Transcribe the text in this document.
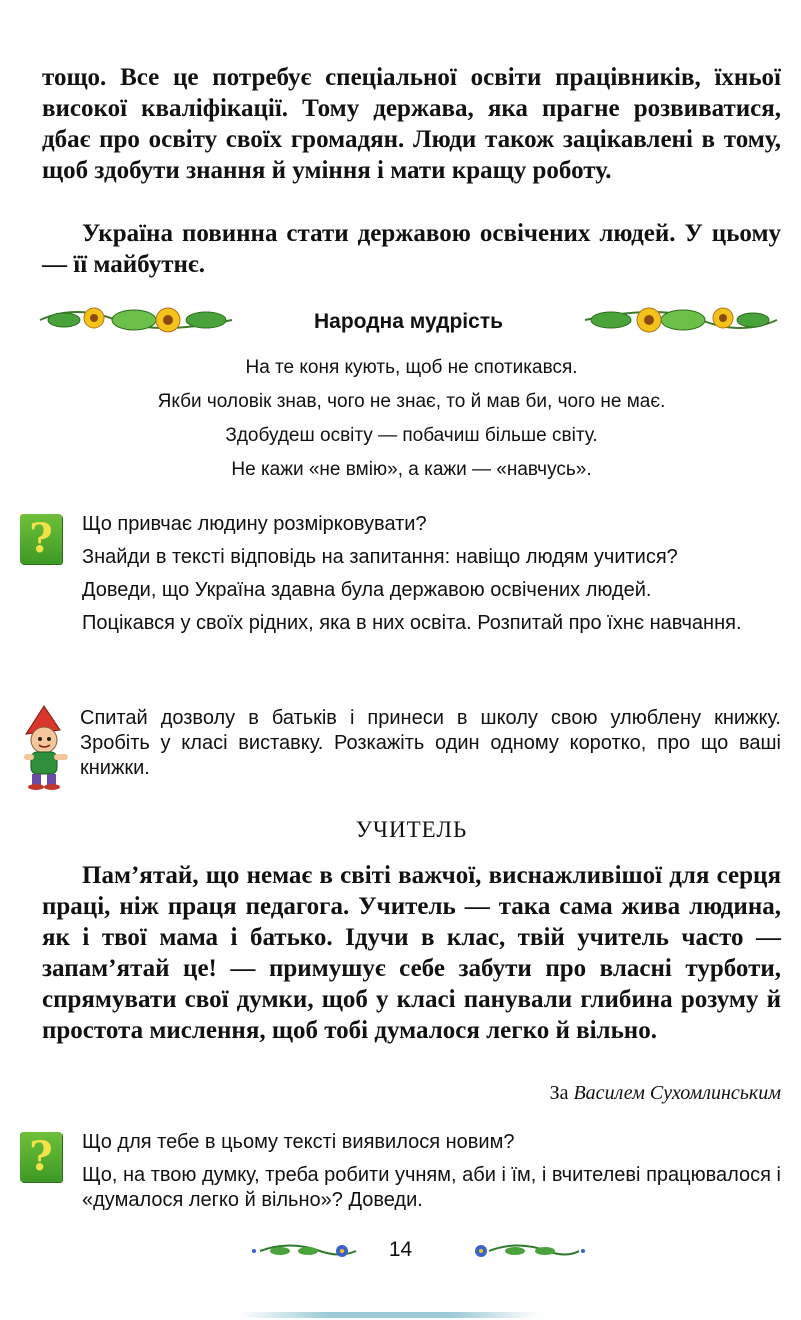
тощо. Все це потребує спеціальної освіти працівників, їхньої високої кваліфікації. Тому держава, яка прагне розвиватися, дбає про освіту своїх громадян. Люди також зацікавлені в тому, щоб здобути знання й уміння і мати кращу роботу.
Україна повинна стати державою освічених людей. У цьому — її майбутнє.
Народна мудрість
На те коня кують, щоб не спотикався.
Якби чоловік знав, чого не знає, то й мав би, чого не має.
Здобудеш освіту — побачиш більше світу.
Не кажи «не вмію», а кажи — «навчусь».
?	Що привчає людину розмірковувати?

Знайди в тексті відповідь на запитання: навіщо людям учитися?

Доведи, що Україна здавна була державою освічених людей.

Поцікався у своїх рідних, яка в них освіта. Розпитай про їхнє навчання.

Спитай дозволу в батьків і принеси в школу свою улюблену книжку. Зробіть у класі виставку. Розкажіть один одному коротко, про що ваші книжки.

УЧИТЕЛЬ
Пам’ятай, що немає в світі важчої, виснажливішої для серця праці, ніж праця педагога. Учитель — така сама жива людина, як і твої мама і батько. Ідучи в клас, твій учитель часто — запам’ятай це! — примушує себе забути про власні турботи, спрямувати свої думки, щоб у класі панували глибина розуму й простота мислення, щоб тобі думалося легко й вільно.
За Василем Сухомлинським
?	Що для тебе в цьому тексті виявилося новим?

Що, на твою думку, треба робити учням, аби і їм, і вчителеві працювалося і «думалося легко й вільно»? Доведи.

14
